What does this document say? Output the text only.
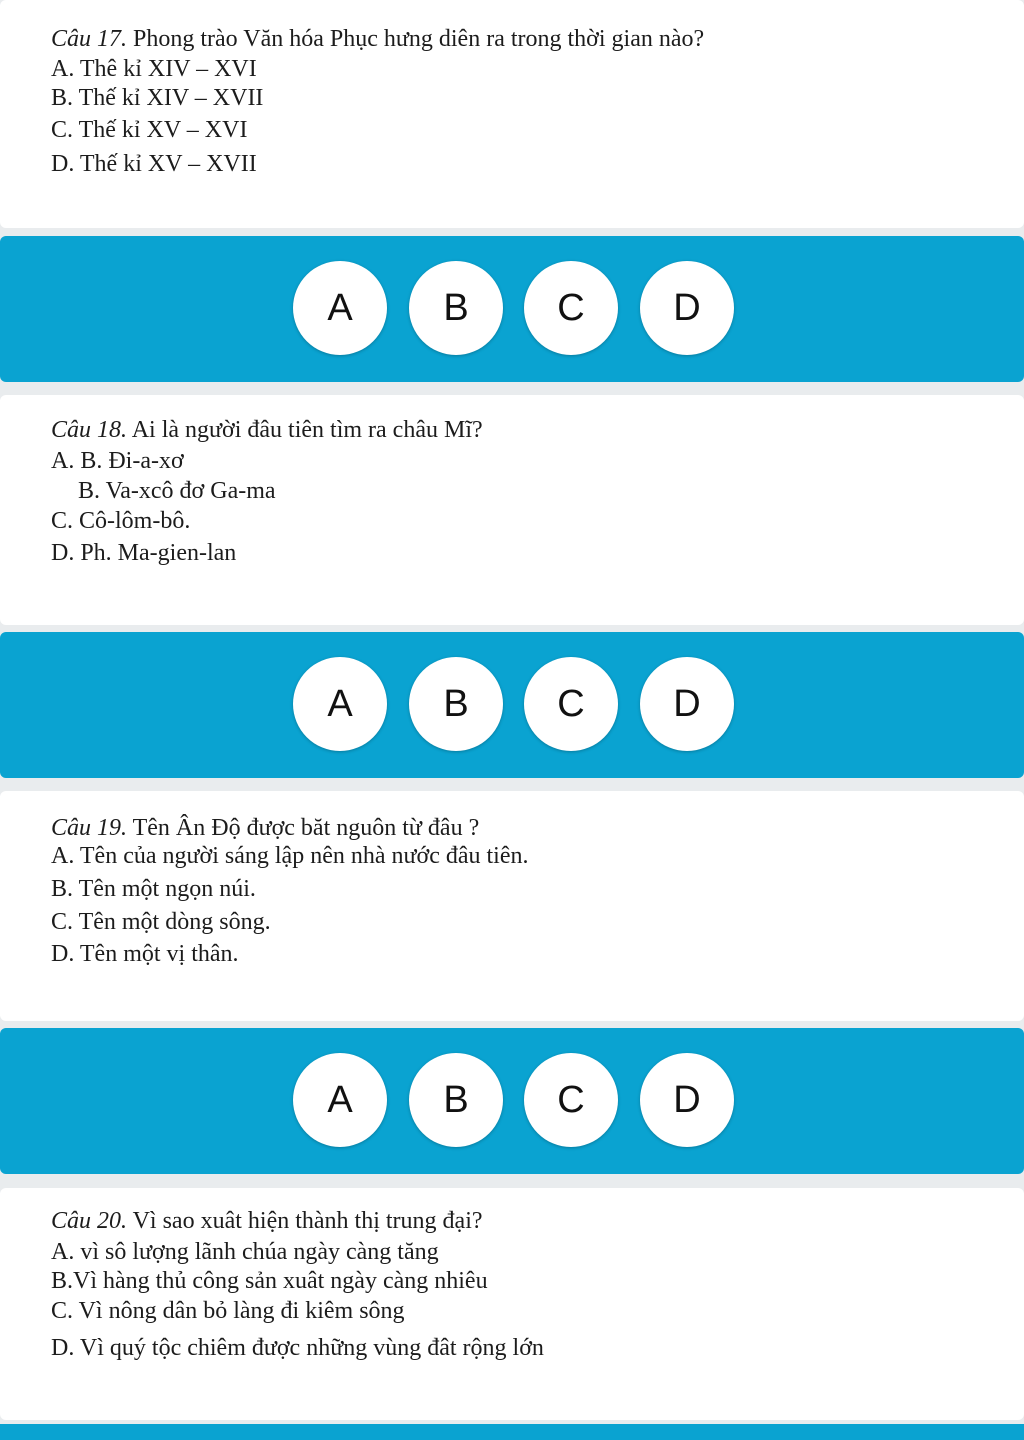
Câu 17. Phong trào Văn hóa Phục hưng diên ra trong thời gian nào?
A. Thê kỉ XIV – XVI
B. Thế kỉ XIV – XVII
C. Thế kỉ XV – XVI
D. Thế kỉ XV – XVII
A	B	C	D
Câu 18. Ai là người đâu tiên tìm ra châu Mĩ?
A. B. Đi-a-xơ
B. Va-xcô đơ Ga-ma
C. Cô-lôm-bô.
D. Ph. Ma-gien-lan
A	B	C	D
Câu 19. Tên Ân Độ được băt nguôn từ đâu ?
A. Tên của người sáng lập nên nhà nước đâu tiên.
B. Tên một ngọn núi.
C. Tên một dòng sông.
D. Tên một vị thân.
A	B	C	D
Câu 20. Vì sao xuât hiện thành thị trung đại?
A. vì sô lượng lãnh chúa ngày càng tăng
B.Vì hàng thủ công sản xuât ngày càng nhiêu
C. Vì nông dân bỏ làng đi kiêm sông
D. Vì quý tộc chiêm được những vùng đât rộng lớn
